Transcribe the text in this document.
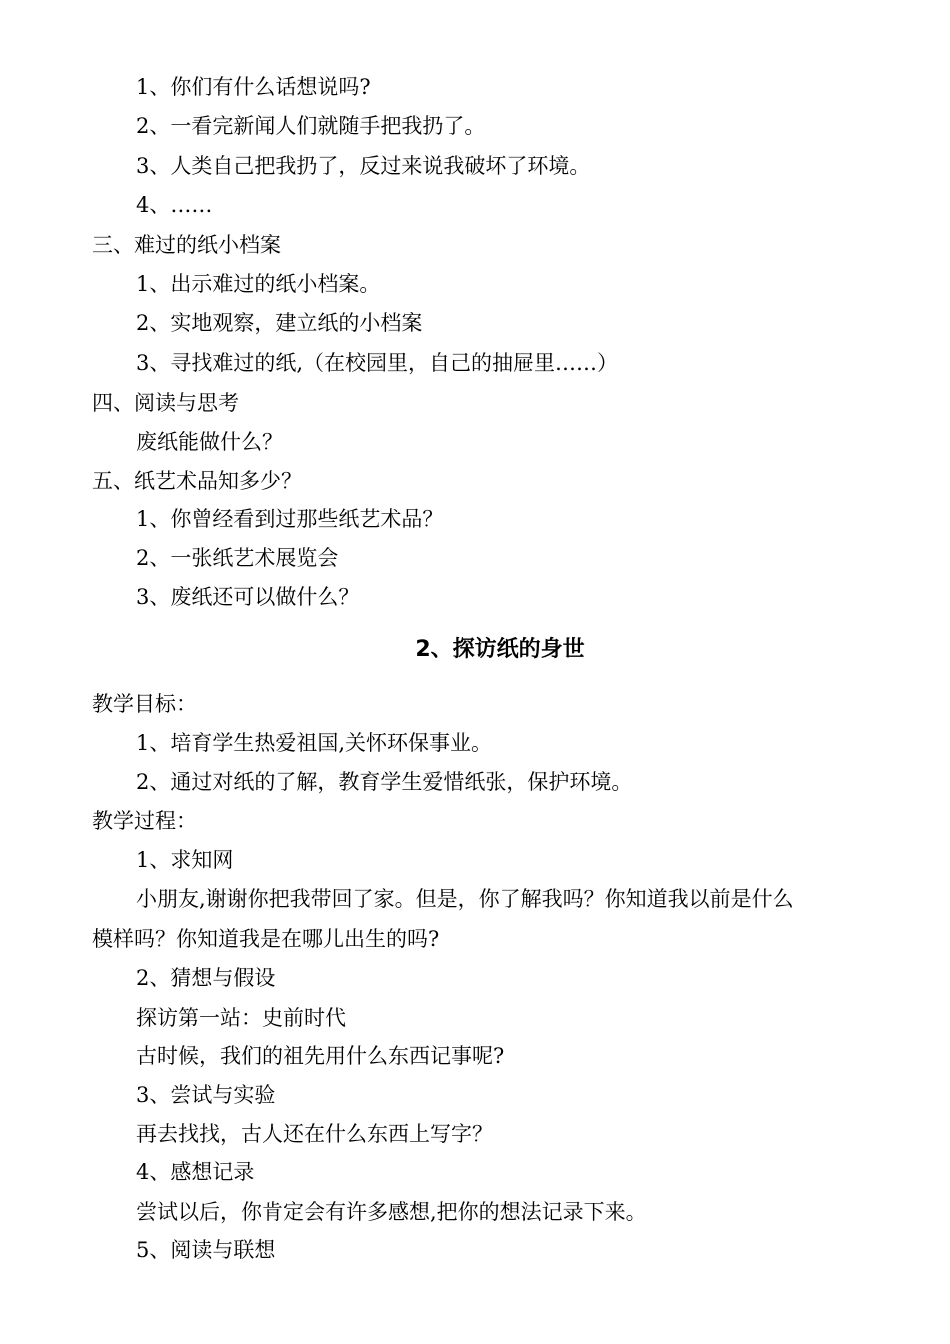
1、你们有什么话想说吗?
2、一看完新闻人们就随手把我扔了。
3、人类自己把我扔了，反过来说我破坏了环境。
4、……
三、难过的纸小档案
1、出示难过的纸小档案。
2、实地观察，建立纸的小档案
3、寻找难过的纸,（在校园里，自己的抽屉里……）
四、阅读与思考
废纸能做什么？
五、纸艺术品知多少？
1、你曾经看到过那些纸艺术品？
2、一张纸艺术展览会
3、废纸还可以做什么？
2、探访纸的身世
教学目标：
1、培育学生热爱祖国,关怀环保事业。
2、通过对纸的了解，教育学生爱惜纸张，保护环境。
教学过程：
1、求知网
小朋友,谢谢你把我带回了家。但是，你了解我吗？你知道我以前是什么
模样吗？你知道我是在哪儿出生的吗?
2、猜想与假设
探访第一站：史前时代
古时候，我们的祖先用什么东西记事呢?
3、尝试与实验
再去找找，古人还在什么东西上写字？
4、感想记录
尝试以后，你肯定会有许多感想,把你的想法记录下来。
5、阅读与联想
